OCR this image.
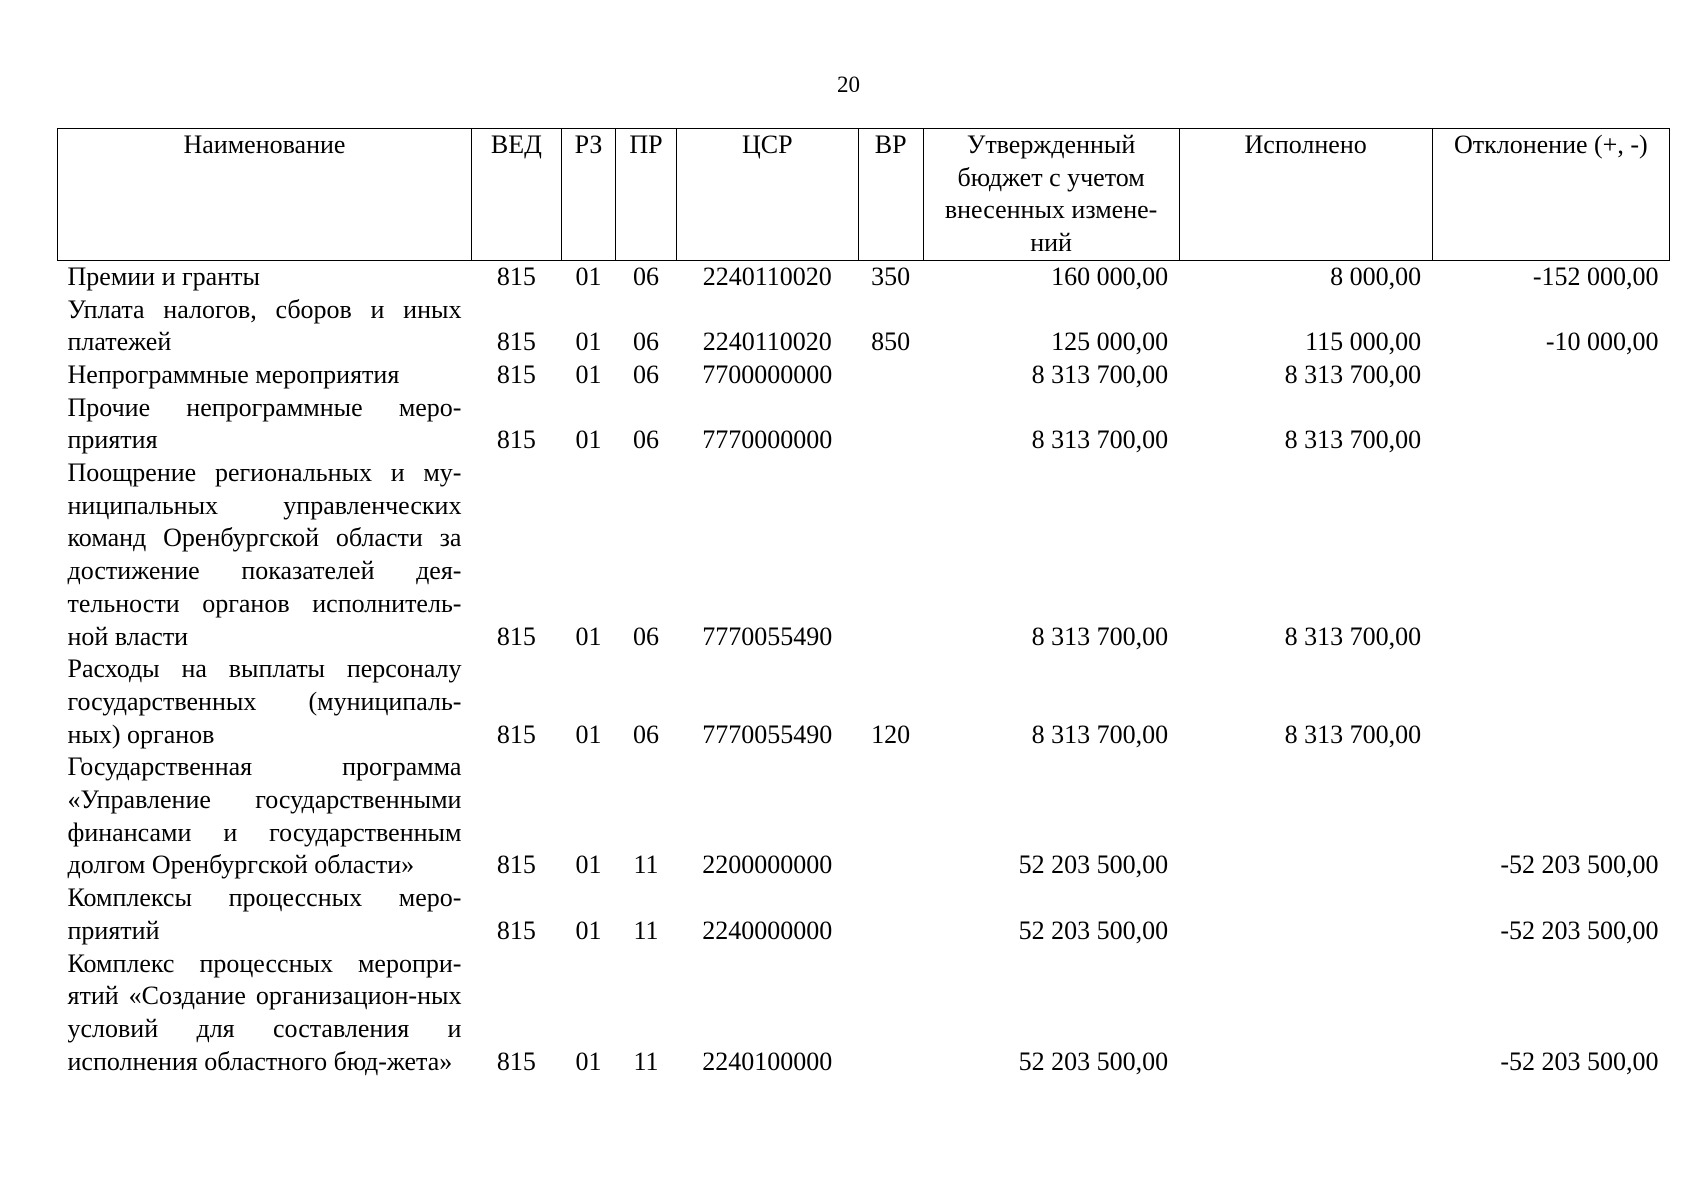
20
Наименование	ВЕД	РЗ	ПР	ЦСР	ВР	Утвержденный бюджет с учетом внесенных измене-ний	Исполнено	Отклонение (+, -)
Премии и гранты	815	01	06	2240110020	350	160 000,00	8 000,00	-152 000,00
Уплата налогов, сборов и иных платежей	815	01	06	2240110020	850	125 000,00	115 000,00	-10 000,00
Непрограммные мероприятия	815	01	06	7700000000		8 313 700,00	8 313 700,00	
Прочие непрограммные меро-приятия	815	01	06	7770000000		8 313 700,00	8 313 700,00	
Поощрение региональных и му-ниципальных управленческих команд Оренбургской области за достижение показателей дея-тельности органов исполнитель-ной власти	815	01	06	7770055490		8 313 700,00	8 313 700,00	
Расходы на выплаты персоналу государственных (муниципаль-ных) органов	815	01	06	7770055490	120	8 313 700,00	8 313 700,00	
Государственная программа «Управление государственными финансами и государственным долгом Оренбургской области»	815	01	11	2200000000		52 203 500,00		-52 203 500,00
Комплексы процессных меро-приятий	815	01	11	2240000000		52 203 500,00		-52 203 500,00
Комплекс процессных меропри-ятий «Создание организацион-ных условий для составления и исполнения областного бюд-жета»	815	01	11	2240100000		52 203 500,00		-52 203 500,00
